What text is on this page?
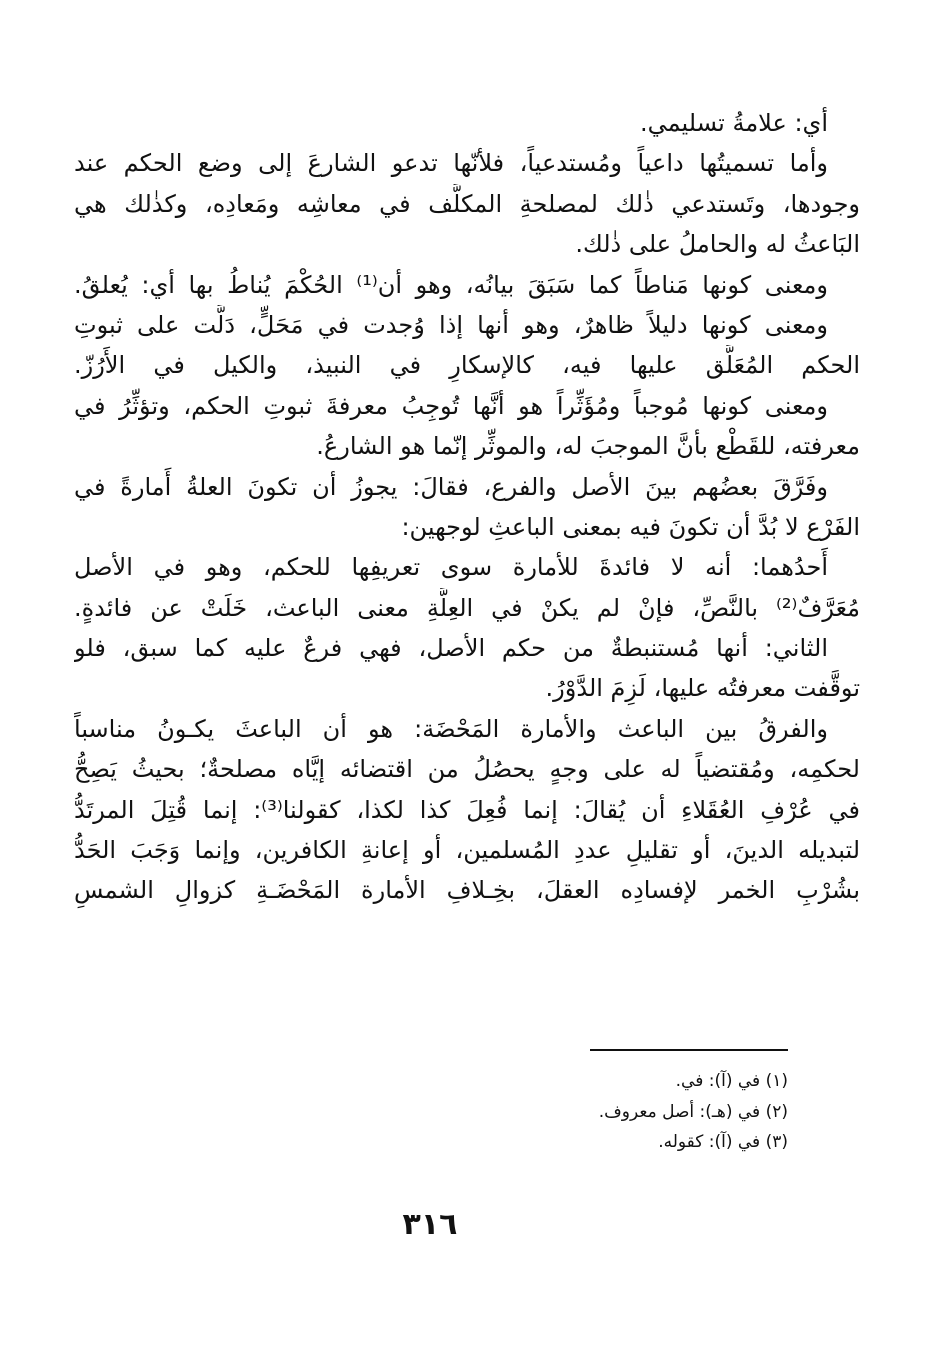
أي: علامةُ تسليمي.
وأما تسميتُها داعياً ومُستدعياً، فلأنّها تدعو الشارعَ إلى وضع الحكم عند
وجودها، وتَستدعي ذٰلك لمصلحةِ المكلَّف في معاشِه ومَعادِه، وكذٰلك هي
البَاعثُ له والحاملُ على ذٰلك.
ومعنى كونها مَناطاً كما سَبَقَ بيانُه، وهو أن⁽¹⁾ الحُكْمَ يُناطُ بها أي: يُعلقُ.
ومعنى كونها دليلاً ظاهرٌ، وهو أنها إذا وُجدت في مَحَلٍّ، دَلَّت على ثبوتِ
الحكم المُعَلَّق عليها فيه، كالإسكارِ في النبيذ، والكيل في الأَرُزّ.
ومعنى كونها مُوجباً ومُؤَثِّراً هو أنَّها تُوجِبُ معرفةَ ثبوتِ الحكم، وتؤثِّرُ في
معرفته، للقَطْع بأنَّ الموجبَ له، والموثِّر إنّما هو الشارعُ.
وفَرَّقَ بعضُهم بينَ الأصل والفرع، فقالَ: يجوزُ أن تكونَ العلةُ أَمارةً في
الفَرْع لا بُدَّ أن تكونَ فيه بمعنى الباعثِ لوجهين:
أَحدُهما: أنه لا فائدةَ للأمارة سوى تعريفِها للحكم، وهو في الأصل
مُعَرَّفٌ⁽²⁾ بالنَّصِّ، فإنْ لم يكنْ في العِلَّةِ معنى الباعث، خَلَتْ عن فائدةٍ.
الثاني: أنها مُستنبطةٌ من حكم الأصل، فهي فرعٌ عليه كما سبق، فلو
توقَّفت معرفتُه عليها، لَزِمَ الدَّوْرُ.
والفرقُ بين الباعث والأمارة المَحْضَة: هو أن الباعثَ يكـونُ مناسباً
لحكمِه، ومُقتضياً له على وجهٍ يحصُلُ من اقتضائه إيَّاه مصلحةٌ؛ بحيثُ يَصِحُّ
في عُرْفِ العُقَلاءِ أن يُقالَ: إنما فُعِلَ كذا لكذا، كقولنا⁽³⁾: إنما قُتِلَ المرتَدُّ
لتبديله الدينَ، أو تقليلِ عددِ المُسلمين، أو إعانةِ الكافرين، وإنما وَجَبَ الحَدُّ
بشُرْبِ الخمر لإفسادِه العقلَ، بخِـلافِ الأمارة المَحْضَـةِ كزوالِ الشمسِ
(١) في (آ): في.
(٢) في (هـ): أصل معروف.
(٣) في (آ): كقوله.
٣١٦
